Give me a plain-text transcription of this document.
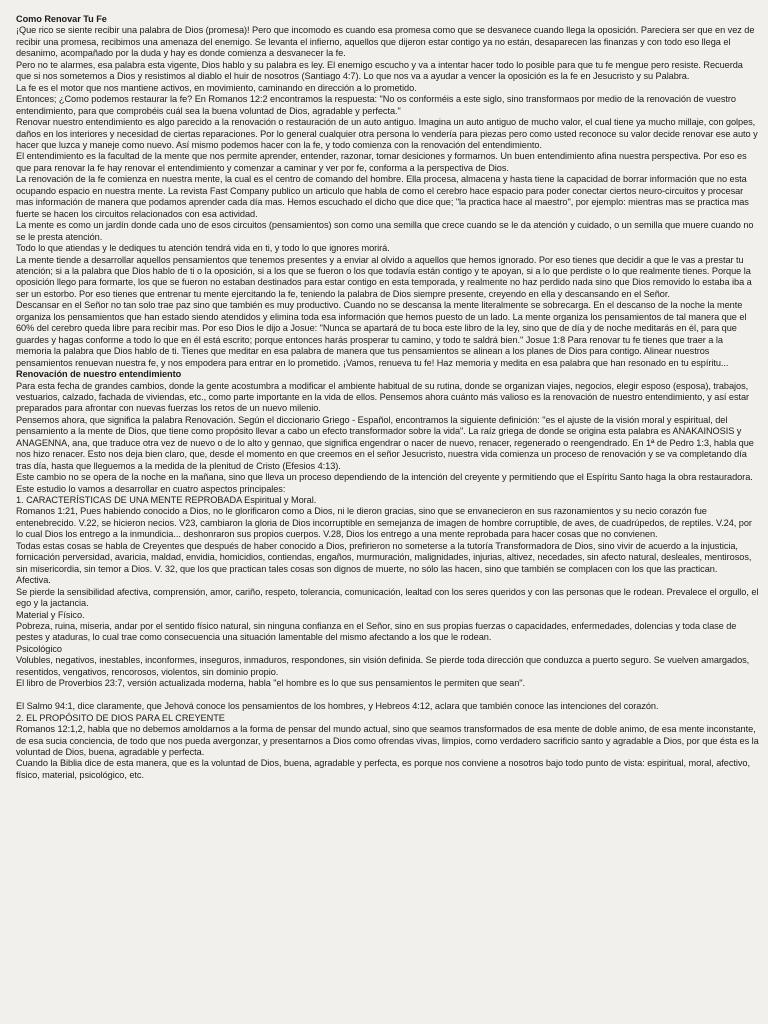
Como Renovar Tu Fe

¡Que rico se siente recibir una palabra de Dios (promesa)! Pero que incomodo es cuando esa promesa como que se desvanece cuando llega la oposición. Pareciera ser que en vez de recibir una promesa, recibimos una amenaza del enemigo. Se levanta el infierno, aquellos que dijeron estar contigo ya no están, desaparecen las finanzas y con todo eso llega el desanimo, acompañado por la duda y hay es donde comienza a desvanecer la fe.

Pero no te alarmes, esa palabra esta vigente, Dios hablo y su palabra es ley. El enemigo escucho y va a intentar hacer todo lo posible para que tu fe mengue pero resiste. Recuerda que si nos sometemos a Dios y resistimos al diablo el huir de nosotros (Santiago 4:7). Lo que nos va a ayudar a vencer la oposición es la fe en Jesucristo y su Palabra.

La fe es el motor que nos mantiene activos, en movimiento, caminando en dirección a lo prometido.

Entonces; ¿Como podemos restaurar la fe? En Romanos 12:2 encontramos la respuesta: "No os conforméis a este siglo, sino transformaos por medio de la renovación de vuestro entendimiento, para que comprobéis cuál sea la buena voluntad de Dios, agradable y perfecta."

Renovar nuestro entendimiento es algo parecido a la renovación o restauración de un auto antiguo. Imagina un auto antiguo de mucho valor, el cual tiene ya mucho millaje, con golpes, daños en los interiores y necesidad de ciertas reparaciones. Por lo general cualquier otra persona lo vendería para piezas pero como usted reconoce su valor decide renovar ese auto y hacer que luzca y maneje como nuevo. Así mismo podemos hacer con la fe, y todo comienza con la renovación del entendimiento.

El entendimiento es la facultad de la mente que nos permite aprender, entender, razonar, tomar desiciones y formarnos. Un buen entendimiento afina nuestra perspectiva. Por eso es que para renovar la fe hay renovar el entendimiento y comenzar a caminar y ver por fe, conforma a la perspectiva de Dios.

La renovación de la fe comienza en nuestra mente, la cual es el centro de comando del hombre. Ella procesa, almacena y hasta tiene la capacidad de borrar información que no esta ocupando espacio en nuestra mente. La revista Fast Company publico un articulo que habla de como el cerebro hace espacio para poder conectar ciertos neuro-circuitos y procesar mas información de manera que podamos aprender cada día mas. Hemos escuchado el dicho que dice que; "la practica hace al maestro", por ejemplo: mientras mas se practica mas fuerte se hacen los circuitos relacionados con esa actividad.

La mente es como un jardín donde cada uno de esos circuitos (pensamientos) son como una semilla que crece cuando se le da atención y cuidado, o un semilla que muere cuando no se le presta atención.

Todo lo que atiendas y le dediques tu atención tendrá vida en ti, y todo lo que ignores morirá.

La mente tiende a desarrollar aquellos pensamientos que tenemos presentes y a enviar al olvido a aquellos que hemos ignorado. Por eso tienes que decidir a que le vas a prestar tu atención; si a la palabra que Dios hablo de ti o la oposición, si a los que se fueron o los que todavía están contigo y te apoyan, si a lo que perdiste o lo que realmente tienes. Porque la oposición llego para formarte, los que se fueron no estaban destinados para estar contigo en esta temporada, y realmente no haz perdido nada sino que Dios removido lo estaba iba a ser un estorbo. Por eso tienes que entrenar tu mente ejercitando la fe, teniendo la palabra de Dios siempre presente, creyendo en ella y descansando en el Señor.

Descansar en el Señor no tan solo trae paz sino que también es muy productivo. Cuando no se descansa la mente literalmente se sobrecarga. En el descanso de la noche la mente organiza los pensamientos que han estado siendo atendidos y elimina toda esa información que hemos puesto de un lado. La mente organiza los pensamientos de tal manera que el 60% del cerebro queda libre para recibir mas. Por eso Dios le dijo a Josue: "Nunca se apartará de tu boca este libro de la ley, sino que de día y de noche meditarás en él, para que guardes y hagas conforme a todo lo que en él está escrito; porque entonces harás prosperar tu camino, y todo te saldrá bien." Josue 1:8 Para renovar tu fe tienes que traer a la memoria la palabra que Dios hablo de ti. Tienes que meditar en esa palabra de manera que tus pensamientos se alinean a los planes de Dios para contigo. Alinear nuestros pensamientos renuevan nuestra fe, y nos empodera para entrar en lo prometido. ¡Vamos, renueva tu fe! Haz memoria y medita en esa palabra que han resonado en tu espíritu...

Renovación de nuestro entendimiento

Para esta fecha de grandes cambios, donde la gente acostumbra a modificar el ambiente habitual de su rutina, donde se organizan viajes, negocios, elegir esposo (esposa), trabajos, vestuarios, calzado, fachada de viviendas, etc., como parte importante en la vida de ellos. Pensemos ahora cuánto más valioso es la renovación de nuestro entendimiento, y así estar preparados para afrontar con nuevas fuerzas los retos de un nuevo milenio.

Pensemos ahora, que significa la palabra Renovación. Según el diccionario Griego - Español, encontramos la siguiente definición: "es el ajuste de la visión moral y espiritual, del pensamiento a la mente de Dios, que tiene como propósito llevar a cabo un efecto transformador sobre la vida". La raíz griega de donde se origina esta palabra es ANAKAINOSIS y ANAGENNA, ana, que traduce otra vez de nuevo o de lo alto y gennao, que significa engendrar o nacer de nuevo, renacer, regenerado o reengendrado. En 1ª de Pedro 1:3, habla que nos hizo renacer. Esto nos deja bien claro, que, desde el momento en que creemos en el señor Jesucristo, nuestra vida comienza un proceso de renovación y se va completando día tras día, hasta que lleguemos a la medida de la plenitud de Cristo (Efesios 4:13).

Este cambio no se opera de la noche en la mañana, sino que lleva un proceso dependiendo de la intención del creyente y permitiendo que el Espíritu Santo haga la obra restauradora.

Este estudio lo vamos a desarrollar en cuatro aspectos principales:

1. CARACTERÍSTICAS DE UNA MENTE REPROBADA Espiritual y Moral.

Romanos 1:21, Pues habiendo conocido a Dios, no le glorificaron como a Dios, ni le dieron gracias, sino que se envanecieron en sus razonamientos y su necio corazón fue entenebrecido. V.22, se hicieron necios. V23, cambiaron la gloria de Dios incorruptible en semejanza de imagen de hombre corruptible, de aves, de cuadrúpedos, de reptiles. V.24, por lo cual Dios los entrego a la inmundicia... deshonraron sus propios cuerpos. V.28, Dios los entrego a una mente reprobada para hacer cosas que no convienen.

Todas estas cosas se habla de Creyentes que después de haber conocido a Dios, prefirieron no someterse a la tutoría Transformadora de Dios, sino vivir de acuerdo a la injusticia, fornicación perversidad, avaricia, maldad, envidia, homicidios, contiendas, engaños, murmuración, malignidades, injurias, altivez, necedades, sin afecto natural, desleales, mentirosos, sin misericordia, sin temor a Dios. V. 32, que los que practican tales cosas son dignos de muerte, no sólo las hacen, sino que también se complacen con los que las practican.

Afectiva.

Se pierde la sensibilidad afectiva, comprensión, amor, cariño, respeto, tolerancia, comunicación, lealtad con los seres queridos y con las personas que le rodean. Prevalece el orgullo, el ego y la jactancia.

Material y Físico.

Pobreza, ruina, miseria, andar por el sentido físico natural, sin ninguna confianza en el Señor, sino en sus propias fuerzas o capacidades, enfermedades, dolencias y toda clase de pestes y ataduras, lo cual trae como consecuencia una situación lamentable del mismo afectando a los que le rodean.

Psicológico

Volubles, negativos, inestables, inconformes, inseguros, inmaduros, respondones, sin visión definida. Se pierde toda dirección que conduzca a puerto seguro. Se vuelven amargados, resentidos, vengativos, rencorosos, violentos, sin dominio propio.

El libro de Proverbios 23:7, versión actualizada moderna, habla "el hombre es lo que sus pensamientos le permiten que sean".

El Salmo 94:1, dice claramente, que Jehová conoce los pensamientos de los hombres, y Hebreos 4:12, aclara que también conoce las intenciones del corazón.

2. EL PROPÓSITO DE DIOS PARA EL CREYENTE

Romanos 12:1,2, habla que no debemos amoldarnos a la forma de pensar del mundo actual, sino que seamos transformados de esa mente de doble animo, de esa mente inconstante, de esa sucia conciencia, de todo que nos pueda avergonzar, y presentarnos a Dios como ofrendas vivas, limpios, como verdadero sacrificio santo y agradable a Dios, por que ésta es la voluntad de Dios, buena, agradable y perfecta.

Cuando la Biblia dice de esta manera, que es la voluntad de Dios, buena, agradable y perfecta, es porque nos conviene a nosotros bajo todo punto de vista: espiritual, moral, afectivo, físico, material, psicológico, etc.
